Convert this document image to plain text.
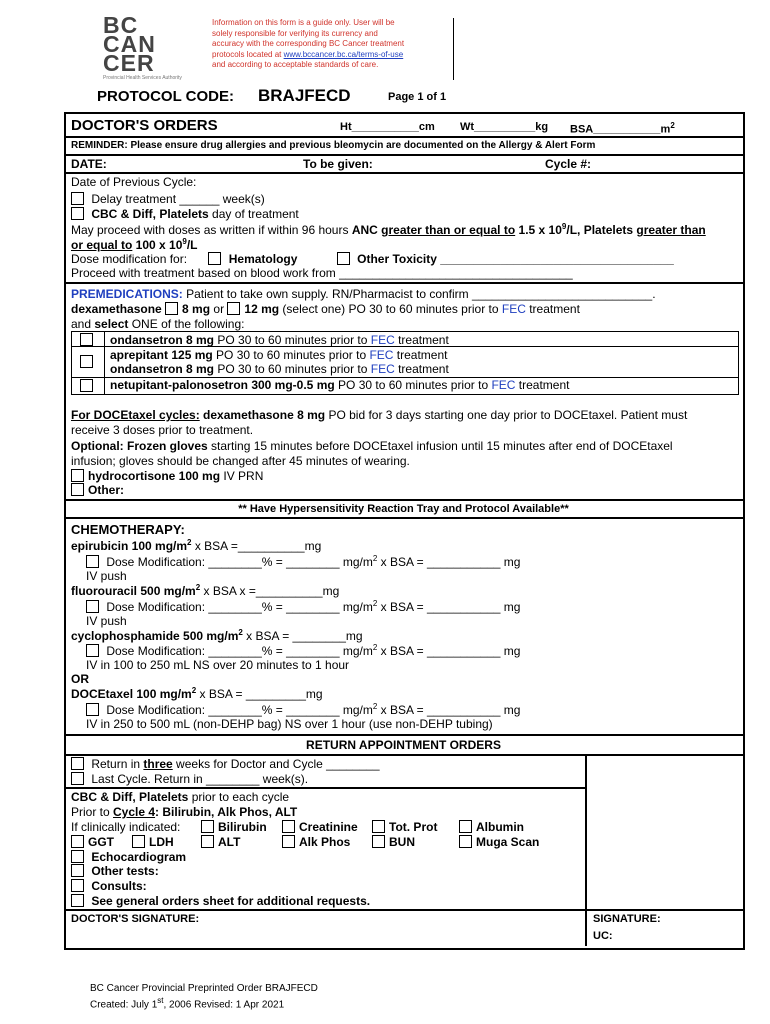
BC
CAN
CER
Provincial Health Services Authority
Information on this form is a guide only. User will be
solely responsible for verifying its currency and
accuracy with the corresponding BC Cancer treatment
protocols located at www.bccancer.bc.ca/terms-of-use
and according to acceptable standards of care.
PROTOCOL CODE: BRAJFECD	Page 1 of 1
DOCTOR'S ORDERS	Ht___________cm Wt__________kg $BSA\_\_\_\_\_\_\_\_\_\_\_m^2$
REMINDER: Please ensure drug allergies and previous bleomycin are documented on the Allergy & Alert Form
DATE:	To be given:	Cycle #:
Date of Previous Cycle:
Delay treatment ______ week(s)
CBC & Diff, Platelets day of treatment
May proceed with doses as written if within 96 hours ANC greater than or equal to 1.5 x $10^9/L$, Platelets greater than
or equal to 100 x $10^9/L$
Dose modification for:	Hematology	Other Toxicity ___________________________________
Proceed with treatment based on blood work from ___________________________________
PREMEDICATIONS: Patient to take own supply. RN/Pharmacist to confirm ___________________________.
dexamethasone 8 mg or 12 mg (select one) PO 30 to 60 minutes prior to FEC treatment
and select ONE of the following:
ondansetron 8 mg PO 30 to 60 minutes prior to FEC treatment
aprepitant 125 mg PO 30 to 60 minutes prior to FEC treatment
ondansetron 8 mg PO 30 to 60 minutes prior to FEC treatment
netupitant-palonosetron 300 mg-0.5 mg PO 30 to 60 minutes prior to FEC treatment
For DOCEtaxel cycles: dexamethasone 8 mg PO bid for 3 days starting one day prior to DOCEtaxel. Patient must
receive 3 doses prior to treatment.
Optional: Frozen gloves starting 15 minutes before DOCEtaxel infusion until 15 minutes after end of DOCEtaxel
infusion; gloves should be changed after 45 minutes of wearing.
hydrocortisone 100 mg IV PRN
Other:
** Have Hypersensitivity Reaction Tray and Protocol Available**
CHEMOTHERAPY:
epirubicin 100 $mg/m^2$ x BSA =__________mg
Dose Modification: ________% = ________ $mg/m^2$ x BSA = ___________ mg
IV push
fluorouracil 500 $mg/m^2$ x BSA x =__________mg
Dose Modification: ________% = ________ $mg/m^2$ x BSA = ___________ mg
IV push
cyclophosphamide 500 $mg/m^2$ x BSA = ________mg
Dose Modification: ________% = ________ $mg/m^2$ x BSA = ___________ mg
IV in 100 to 250 mL NS over 20 minutes to 1 hour
OR
DOCEtaxel 100 $mg/m^2$ x BSA = _________mg
Dose Modification: ________% = ________ $mg/m^2$ x BSA = ___________ mg
IV in 250 to 500 mL (non-DEHP bag) NS over 1 hour (use non-DEHP tubing)
RETURN APPOINTMENT ORDERS
Return in three weeks for Doctor and Cycle ________
Last Cycle. Return in ________ week(s).
CBC & Diff, Platelets prior to each cycle
Prior to Cycle 4: Bilirubin, Alk Phos, ALT
If clinically indicated:	Bilirubin	Creatinine	Tot. Prot	Albumin
GGT	LDH	ALT	Alk Phos	BUN	Muga Scan
Echocardiogram
Other tests:
Consults:
See general orders sheet for additional requests.
DOCTOR'S SIGNATURE:	SIGNATURE:
UC:
BC Cancer Provincial Preprinted Order BRAJFECD
Created: July 1st, 2006 Revised: 1 Apr 2021
